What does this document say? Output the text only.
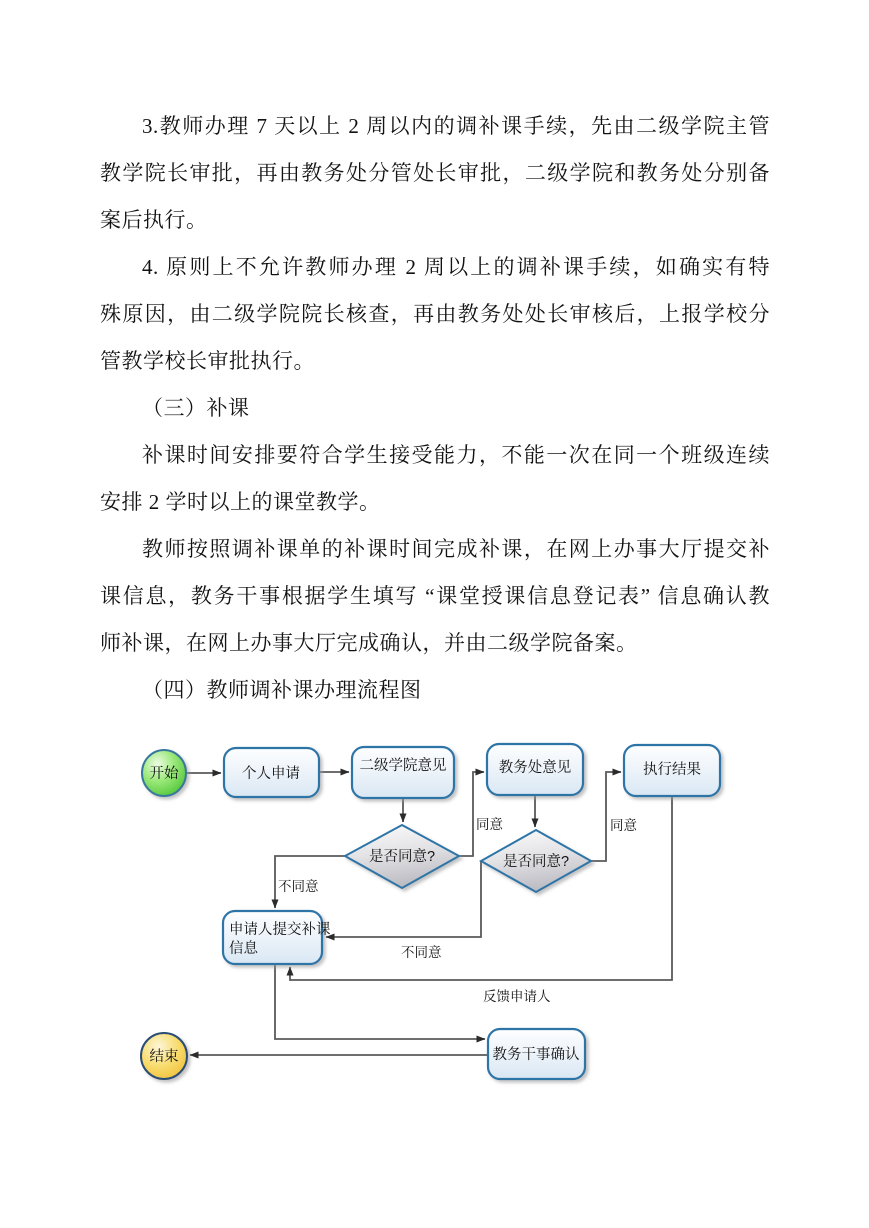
3.教师办理 7 天以上 2 周以内的调补课手续，先由二级学院主管
教学院长审批，再由教务处分管处长审批，二级学院和教务处分别备
案后执行。
4. 原则上不允许教师办理 2 周以上的调补课手续，如确实有特
殊原因，由二级学院院长核查，再由教务处处长审核后，上报学校分
管教学校长审批执行。
（三）补课
补课时间安排要符合学生接受能力，不能一次在同一个班级连续
安排 2 学时以上的课堂教学。
教师按照调补课单的补课时间完成补课，在网上办事大厅提交补
课信息，教务干事根据学生填写 “课堂授课信息登记表” 信息确认教
师补课，在网上办事大厅完成确认，并由二级学院备案。
（四）教师调补课办理流程图
同意	同意
不同意
不同意
反馈申请人
开始	个人申请	二级学院意见	教务处意见	执行结果
是否同意?	是否同意?
申请人提交补课
信息
教务干事确认
结束
